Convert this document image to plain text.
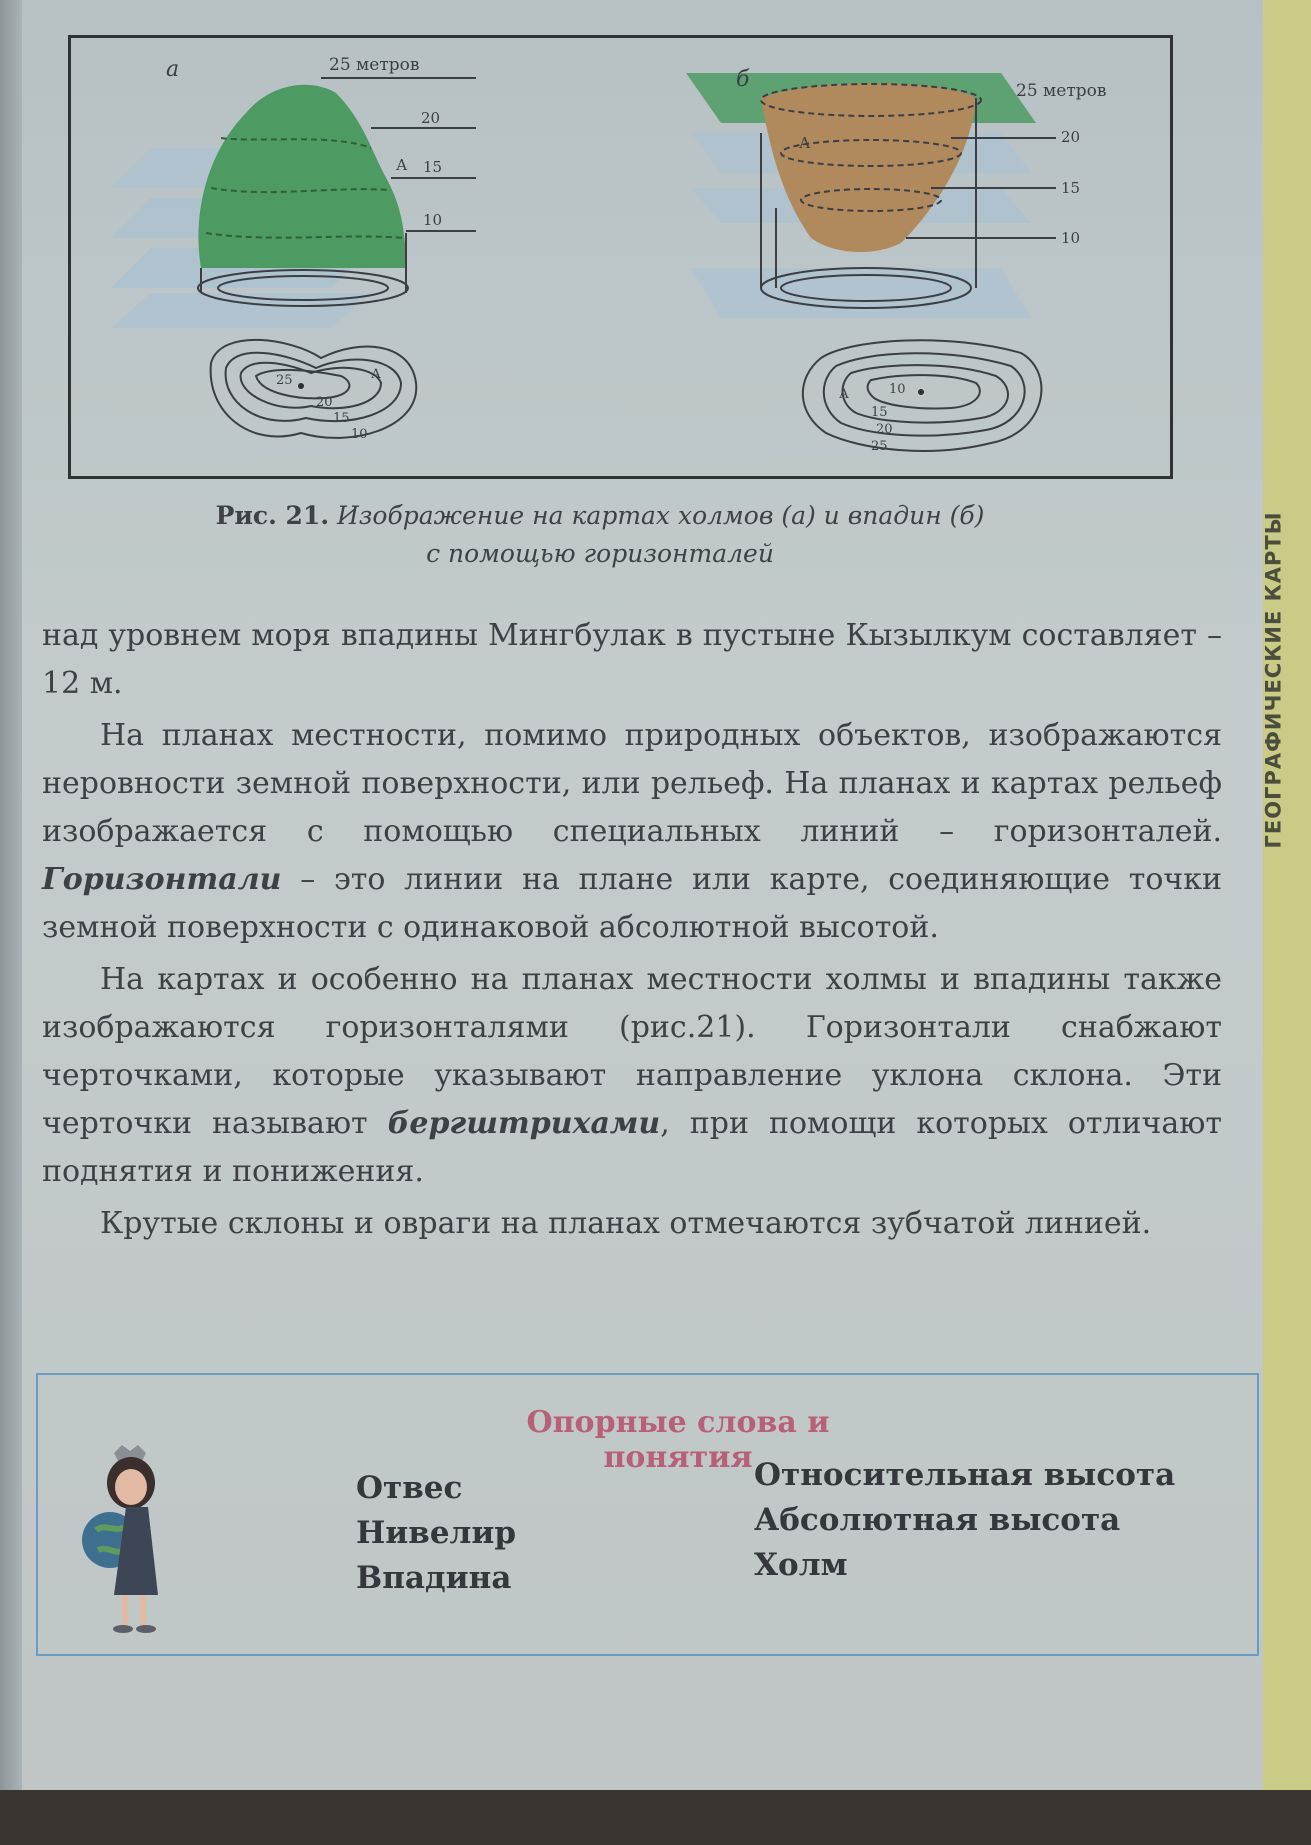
ГЕОГРАФИЧЕСКИЕ КАРТЫ
а	25 метров
20
15
10
А
25
20
15
10
А
б	25 метров
20
15
10
А
А	10
15
20
25
Рис. 21. Изображение на картах холмов (а) и впадин (б)
с помощью горизонталей

над уровнем моря впадины Мингбулак в пустыне Кызылкум составляет –12 м.

На планах местности, помимо природных объектов, изображаются неровности земной поверхности, или рельеф. На планах и картах рельеф изображается с помощью специальных линий – горизонталей. Горизонтали – это линии на плане или карте, соединяющие точки земной поверхности с одинаковой абсолютной высотой.

На картах и особенно на планах местности холмы и впадины также изображаются горизонталями (рис.21). Горизонтали снабжают черточками, которые указывают направление уклона склона. Эти черточки называют бергштрихами, при помощи которых отличают поднятия и понижения.

Крутые склоны и овраги на планах отмечаются зубчатой линией.

Опорные слова и понятия
Отвес
Нивелир
Впадина
Относительная высота
Абсолютная высота
Холм
